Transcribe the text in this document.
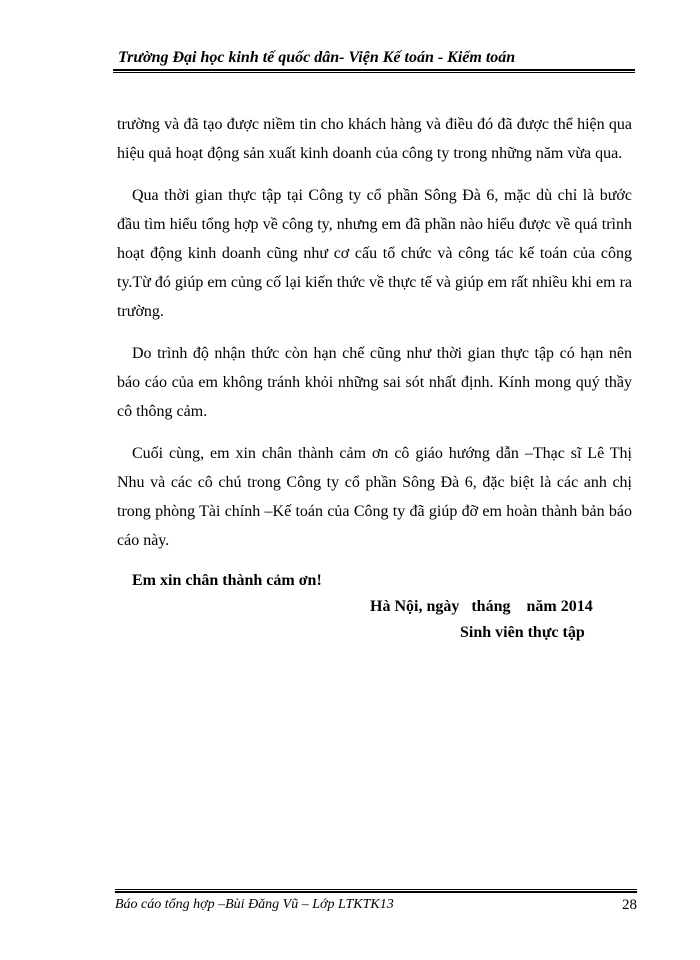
Trường Đại học kinh tế quốc dân- Viện Kế toán - Kiểm toán

trường và đã tạo được niềm tin cho khách hàng và điều đó đã được thể hiện qua hiệu quả hoạt động sản xuất kinh doanh của công ty trong những năm vừa qua.

Qua thời gian thực tập tại Công ty cổ phần Sông Đà 6, mặc dù chỉ là bước đầu tìm hiểu tổng hợp về công ty, nhưng em đã phần nào hiểu được về quá trình hoạt động kinh doanh cũng như cơ cấu tổ chức và công tác kế toán của công ty.Từ đó giúp em củng cố lại kiến thức về thực tế và giúp em rất nhiều khi em ra trường.

Do trình độ nhận thức còn hạn chế cũng như thời gian thực tập có hạn nên báo cáo của em không tránh khỏi những sai sót nhất định. Kính mong quý thầy cô thông cảm.

Cuối cùng, em xin chân thành cảm ơn cô giáo hướng dẫn –Thạc sĩ Lê Thị Nhu và các cô chú trong Công ty cổ phần Sông Đà 6, đặc biệt là các anh chị trong phòng Tài chính –Kế toán của Công ty đã giúp đỡ em hoàn thành bản báo cáo này.

Em xin chân thành cảm ơn!
Hà Nội, ngày   tháng    năm 2014
Sinh viên thực tập
Báo cáo tổng hợp –Bùi Đăng Vũ – Lớp LTKTK13	28
